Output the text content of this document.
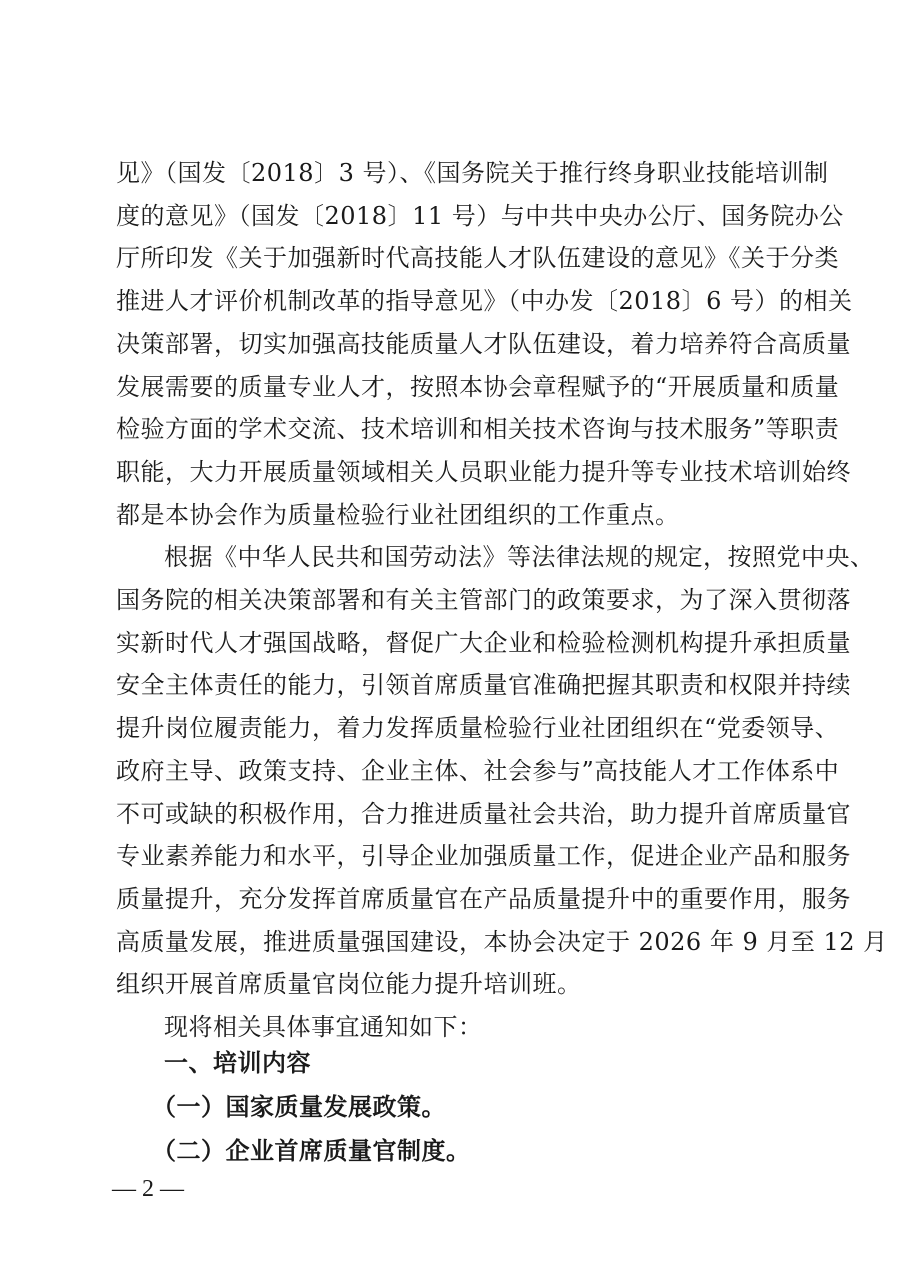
见》（国发〔2018〕3 号）、《国务院关于推行终身职业技能培训制
度的意见》（国发〔2018〕11 号）与中共中央办公厅、国务院办公
厅所印发《关于加强新时代高技能人才队伍建设的意见》《关于分类
推进人才评价机制改革的指导意见》（中办发〔2018〕6 号）的相关
决策部署，切实加强高技能质量人才队伍建设，着力培养符合高质量
发展需要的质量专业人才，按照本协会章程赋予的“开展质量和质量
检验方面的学术交流、技术培训和相关技术咨询与技术服务”等职责
职能，大力开展质量领域相关人员职业能力提升等专业技术培训始终
都是本协会作为质量检验行业社团组织的工作重点。
根据《中华人民共和国劳动法》等法律法规的规定，按照党中央、
国务院的相关决策部署和有关主管部门的政策要求，为了深入贯彻落
实新时代人才强国战略，督促广大企业和检验检测机构提升承担质量
安全主体责任的能力，引领首席质量官准确把握其职责和权限并持续
提升岗位履责能力，着力发挥质量检验行业社团组织在“党委领导、
政府主导、政策支持、企业主体、社会参与”高技能人才工作体系中
不可或缺的积极作用，合力推进质量社会共治，助力提升首席质量官
专业素养能力和水平，引导企业加强质量工作，促进企业产品和服务
质量提升，充分发挥首席质量官在产品质量提升中的重要作用，服务
高质量发展，推进质量强国建设，本协会决定于 2026 年 9 月至 12 月
组织开展首席质量官岗位能力提升培训班。
现将相关具体事宜通知如下：
一、培训内容
（一）国家质量发展政策。
— 2 —
（二）企业首席质量官制度。
